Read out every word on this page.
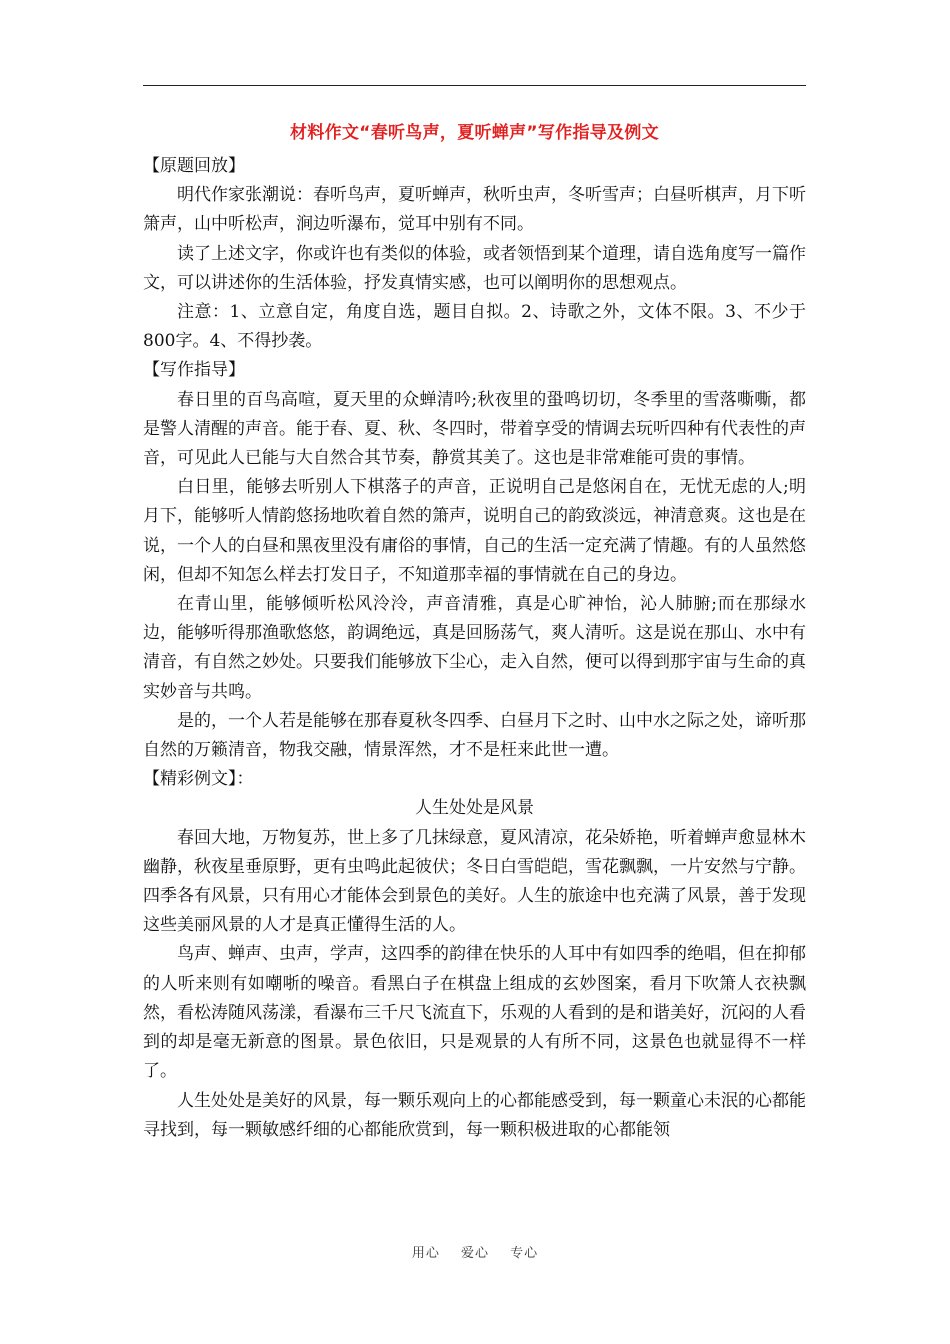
材料作文“春听鸟声，夏听蝉声”写作指导及例文
【原题回放】

明代作家张潮说：春听鸟声，夏听蝉声，秋听虫声，冬听雪声；白昼听棋声，月下听箫声，山中听松声，涧边听瀑布，觉耳中别有不同。

读了上述文字，你或许也有类似的体验，或者领悟到某个道理，请自选角度写一篇作文，可以讲述你的生活体验，抒发真情实感，也可以阐明你的思想观点。

注意：1、立意自定，角度自选，题目自拟。2、诗歌之外，文体不限。3、不少于800字。4、不得抄袭。

【写作指导】

春日里的百鸟高喧，夏天里的众蝉清吟;秋夜里的蛩鸣切切，冬季里的雪落嘶嘶，都是警人清醒的声音。能于春、夏、秋、冬四时，带着享受的情调去玩听四种有代表性的声音，可见此人已能与大自然合其节奏，静赏其美了。这也是非常难能可贵的事情。

白日里，能够去听别人下棋落子的声音，正说明自己是悠闲自在，无忧无虑的人;明月下，能够听人情韵悠扬地吹着自然的箫声，说明自己的韵致淡远，神清意爽。这也是在说，一个人的白昼和黑夜里没有庸俗的事情，自己的生活一定充满了情趣。有的人虽然悠闲，但却不知怎么样去打发日子，不知道那幸福的事情就在自己的身边。

在青山里，能够倾听松风泠泠，声音清雅，真是心旷神怡，沁人肺腑;而在那绿水边，能够听得那渔歌悠悠，韵调绝远，真是回肠荡气，爽人清听。这是说在那山、水中有清音，有自然之妙处。只要我们能够放下尘心，走入自然，便可以得到那宇宙与生命的真实妙音与共鸣。

是的，一个人若是能够在那春夏秋冬四季、白昼月下之时、山中水之际之处，谛听那自然的万籁清音，物我交融，情景浑然，才不是枉来此世一遭。

【精彩例文】：
人生处处是风景

春回大地，万物复苏，世上多了几抹绿意，夏风清凉，花朵娇艳，听着蝉声愈显林木幽静，秋夜星垂原野，更有虫鸣此起彼伏；冬日白雪皑皑，雪花飘飘，一片安然与宁静。四季各有风景，只有用心才能体会到景色的美好。人生的旅途中也充满了风景，善于发现这些美丽风景的人才是真正懂得生活的人。

鸟声、蝉声、虫声，学声，这四季的韵律在快乐的人耳中有如四季的绝唱，但在抑郁的人听来则有如嘲哳的噪音。看黑白子在棋盘上组成的玄妙图案，看月下吹箫人衣袂飘然，看松涛随风荡漾，看瀑布三千尺飞流直下，乐观的人看到的是和谐美好，沉闷的人看到的却是毫无新意的图景。景色依旧，只是观景的人有所不同，这景色也就显得不一样了。

人生处处是美好的风景，每一颗乐观向上的心都能感受到，每一颗童心未泯的心都能寻找到，每一颗敏感纤细的心都能欣赏到，每一颗积极进取的心都能领

用心 爱心 专心
